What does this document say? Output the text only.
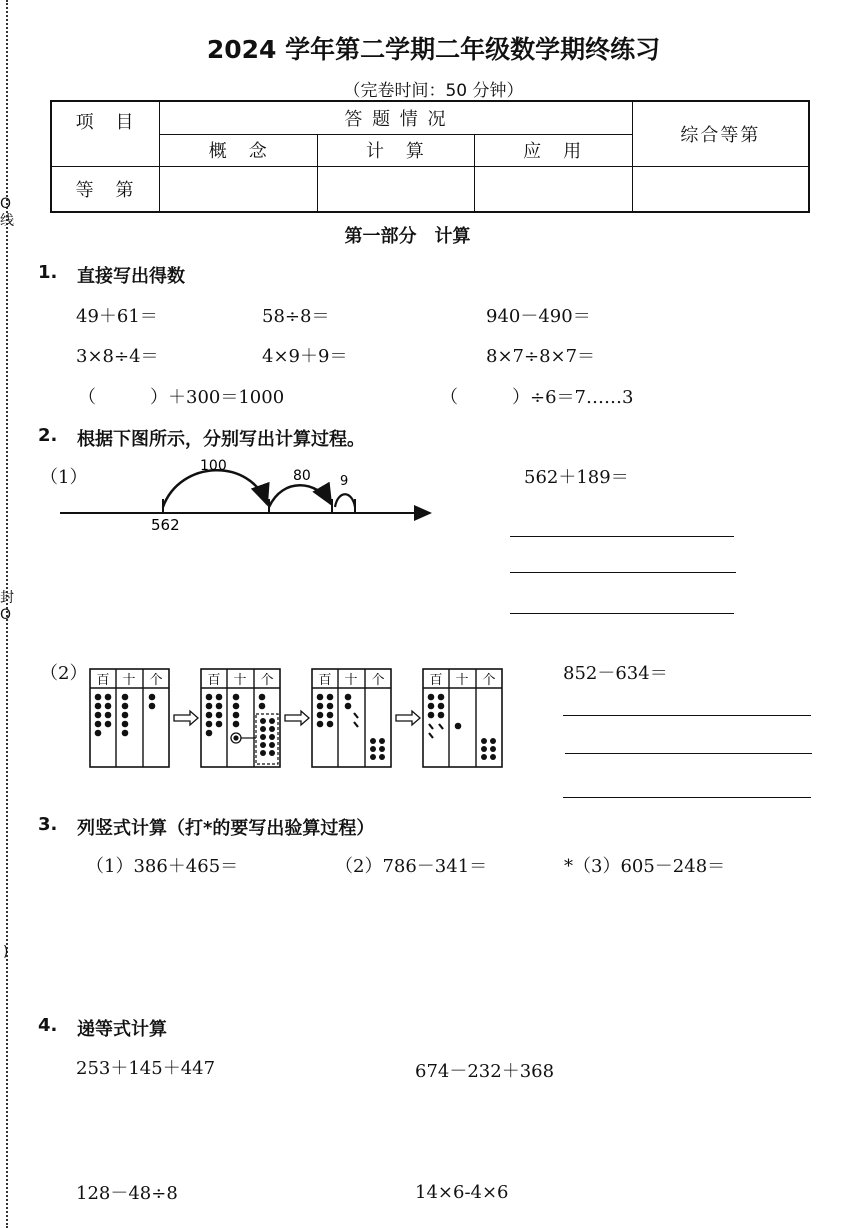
O线
封O
)
2024 学年第二学期二年级数学期终练习
（完卷时间：50 分钟）
项　目	答 题 情 况			综合等第
	概　念	计　算	应　用	
等　第				
第一部分　计算
1. 直接写出得数
49＋61＝	58÷8＝	940－490＝
3×8÷4＝	4×9＋9＝	8×7÷8×7＝
（　　　）＋300＝1000	（　　　）÷6＝7……3
2. 根据下图所示，分别写出计算过程。
（1）
100
80 9
562
562＋189＝
（2） 百 十 个	百 十 个	百 十 个	百 十 个	852－634＝
3. 列竖式计算（打*的要写出验算过程）
（1）386＋465＝	（2）786－341＝	*（3）605－248＝
4. 递等式计算
253＋145＋447	674－232＋368
128－48÷8	14×6-4×6
